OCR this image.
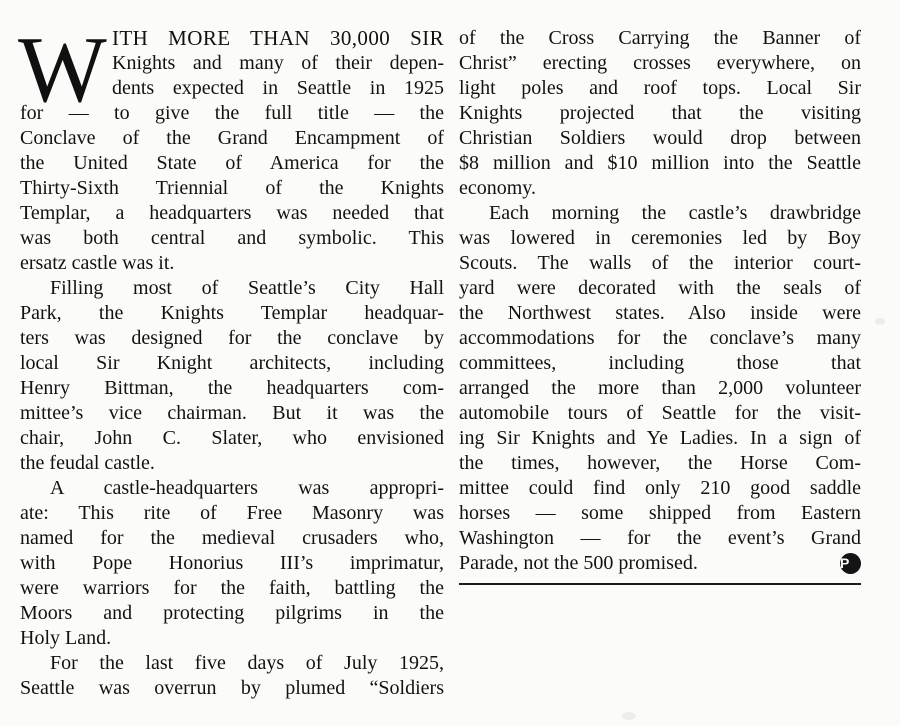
W ITH MORE THAN 30,000 SIR
Knights and many of their depen-
dents expected in Seattle in 1925
for — to give the full title — the
Conclave of the Grand Encampment of
the United State of America for the
Thirty-Sixth Triennial of the Knights
Templar, a headquarters was needed that
was both central and symbolic. This
ersatz castle was it.
Filling most of Seattle’s City Hall
Park, the Knights Templar headquar-
ters was designed for the conclave by
local Sir Knight architects, including
Henry Bittman, the headquarters com-
mittee’s vice chairman. But it was the
chair, John C. Slater, who envisioned
the feudal castle.
A castle-headquarters was appropri-
ate: This rite of Free Masonry was
named for the medieval crusaders who,
with Pope Honorius III’s imprimatur,
were warriors for the faith, battling the
Moors and protecting pilgrims in the
Holy Land.
For the last five days of July 1925,
Seattle was overrun by plumed “Soldiers
of the Cross Carrying the Banner of
Christ” erecting crosses everywhere, on
light poles and roof tops. Local Sir
Knights projected that the visiting
Christian Soldiers would drop between
$8 million and $10 million into the Seattle
economy.
Each morning the castle’s drawbridge
was lowered in ceremonies led by Boy
Scouts. The walls of the interior court-
yard were decorated with the seals of
the Northwest states. Also inside were
accommodations for the conclave’s many
committees, including those that
arranged the more than 2,000 volunteer
automobile tours of Seattle for the visit-
ing Sir Knights and Ye Ladies. In a sign of
the times, however, the Horse Com-
mittee could find only 210 good saddle
horses — some shipped from Eastern
Washington — for the event’s Grand
Parade, not the 500 promised.	P
